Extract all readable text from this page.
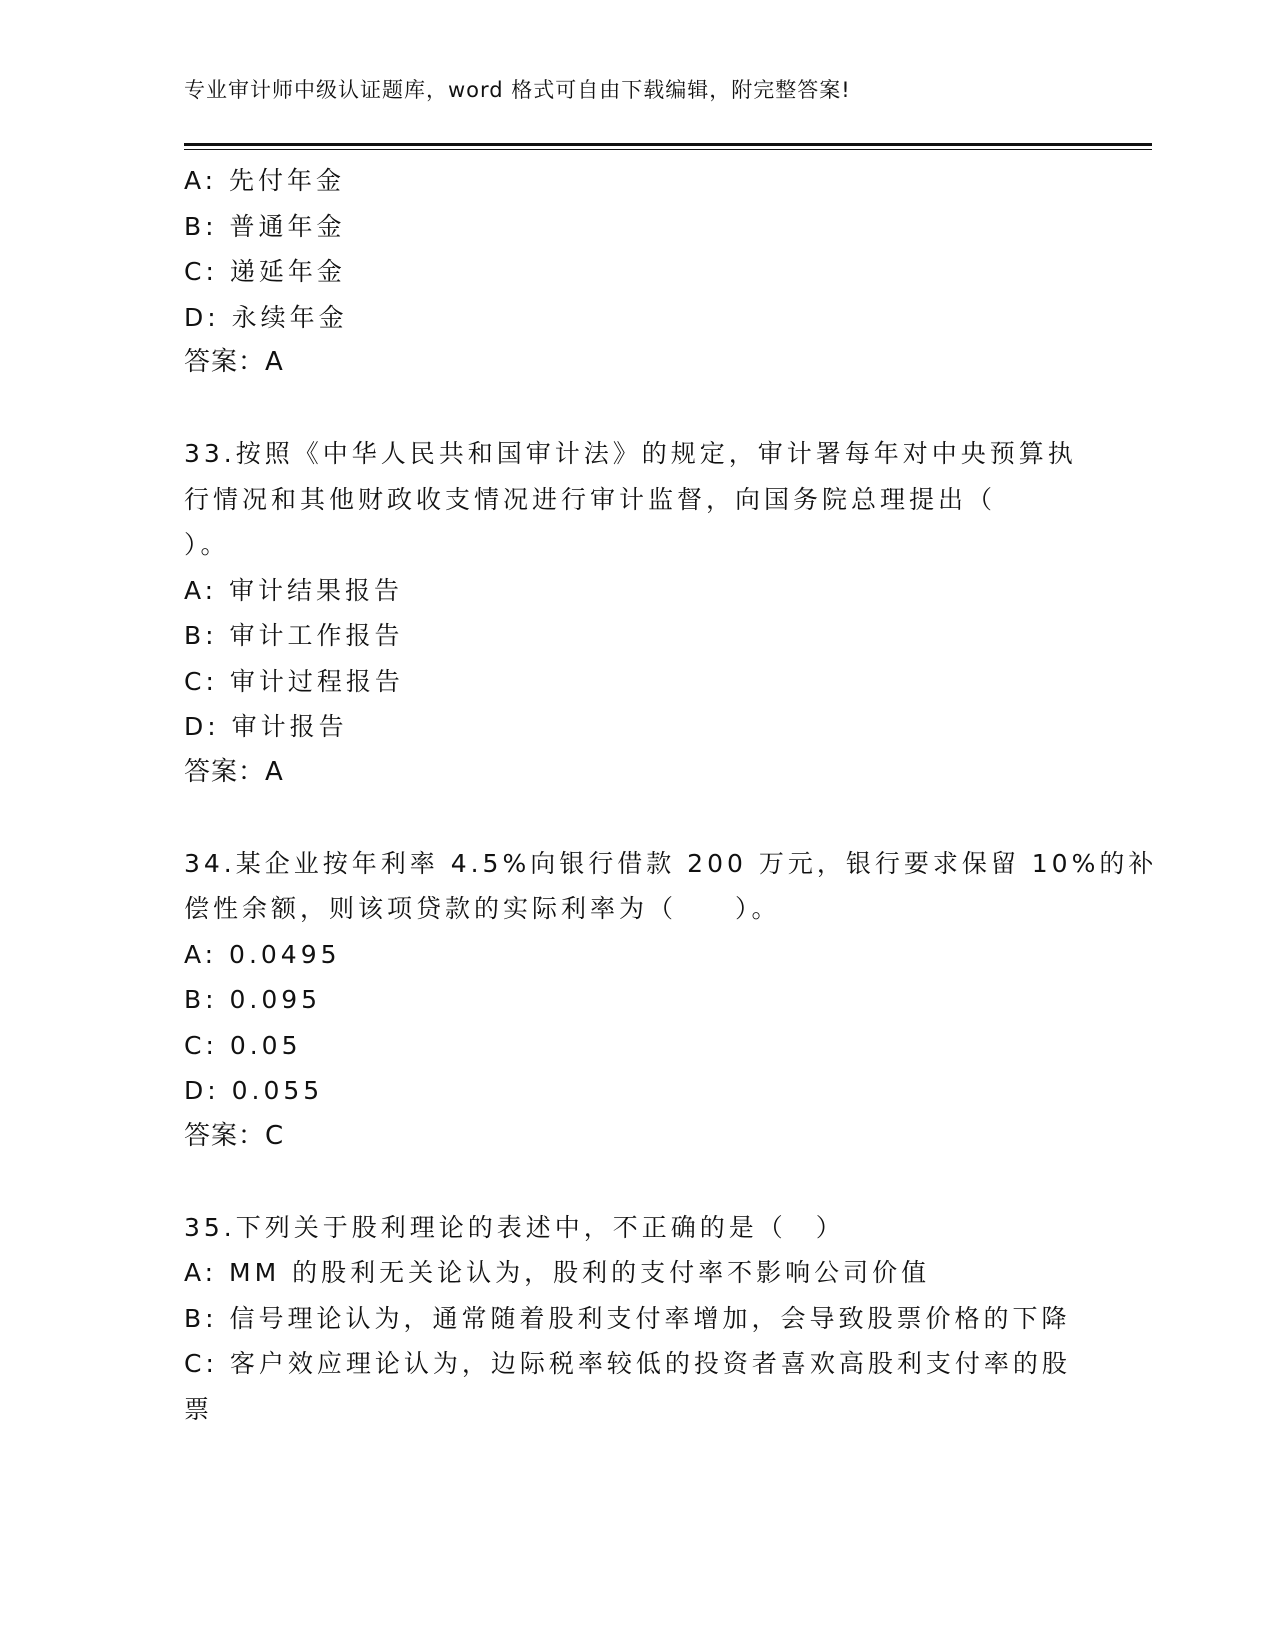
专业审计师中级认证题库，word 格式可自由下载编辑，附完整答案!
A: 先付年金
B: 普通年金
C: 递延年金
D: 永续年金
答案：A
33.按照《中华人民共和国审计法》的规定，审计署每年对中央预算执
行情况和其他财政收支情况进行审计监督，向国务院总理提出（
）。
A: 审计结果报告
B: 审计工作报告
C: 审计过程报告
D: 审计报告
答案：A
34.某企业按年利率 4.5%向银行借款 200 万元，银行要求保留 10%的补
偿性余额，则该项贷款的实际利率为（　　）。
A: 0.0495
B: 0.095
C: 0.05
D: 0.055
答案：C
35.下列关于股利理论的表述中，不正确的是（　）
A: MM 的股利无关论认为，股利的支付率不影响公司价值
B: 信号理论认为，通常随着股利支付率增加，会导致股票价格的下降
C: 客户效应理论认为，边际税率较低的投资者喜欢高股利支付率的股
票
